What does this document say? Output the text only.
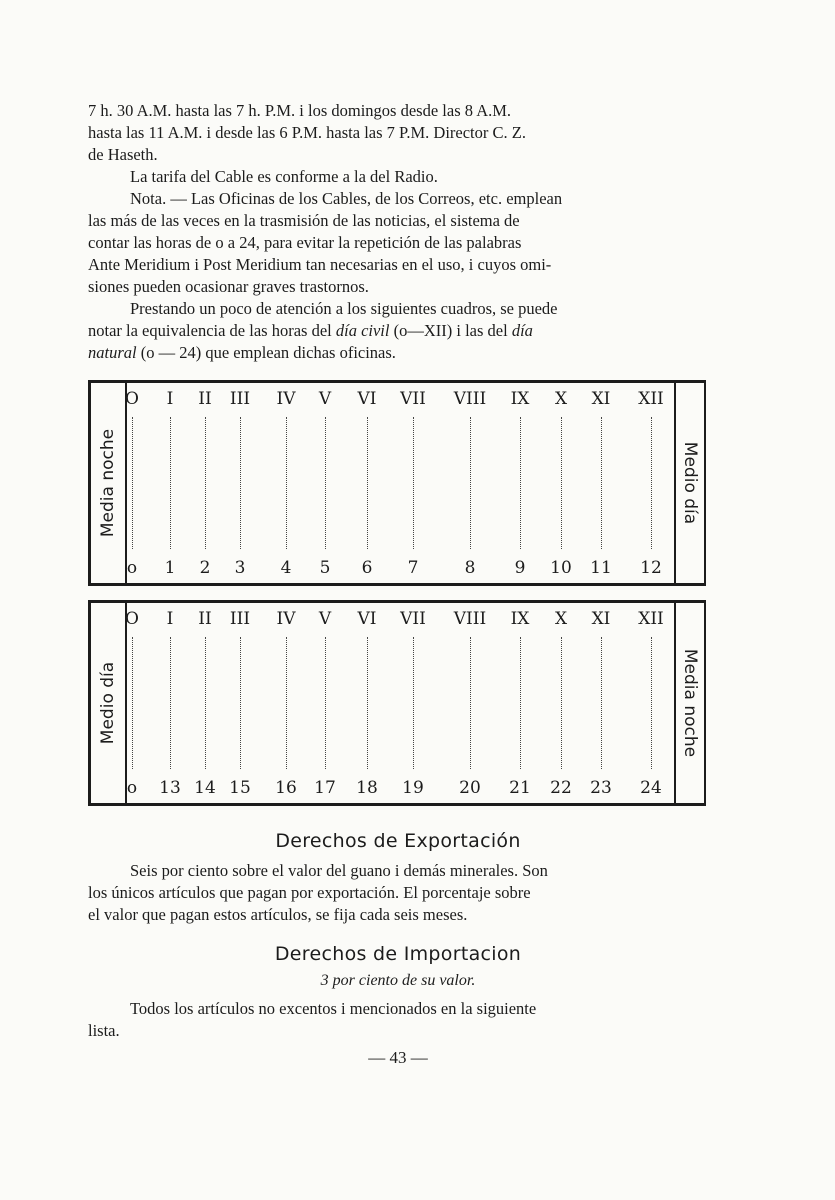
7 h. 30 A.M. hasta las 7 h. P.M. i los domingos desde las 8 A.M.
hasta las 11 A.M. i desde las 6 P.M. hasta las 7 P.M. Director C. Z.
de Haseth.
La tarifa del Cable es conforme a la del Radio.
Nota. — Las Oficinas de los Cables, de los Correos, etc. emplean
las más de las veces en la trasmisión de las noticias, el sistema de
contar las horas de o a 24, para evitar la repetición de las palabras
Ante Meridium i Post Meridium tan necesarias en el uso, i cuyos omi-
siones pueden ocasionar graves trastornos.
Prestando un poco de atención a los siguientes cuadros, se puede
notar la equivalencia de las horas del día civil (o—XII) i las del día
natural (o — 24) que emplean dichas oficinas.
Media noche	Medio día
O
o
I
1
II
2
III
3
IV
4
V
5
VI
6
VII
7
VIII
8
IX
9
X
10
XI
11
XII
12
Medio día	Media noche
O
o
I
13
II
14
III
15
IV
16
V
17
VI
18
VII
19
VIII
20
IX
21
X
22
XI
23
XII
24
Derechos de Exportación
Seis por ciento sobre el valor del guano i demás minerales. Son
los únicos artículos que pagan por exportación. El porcentaje sobre
el valor que pagan estos artículos, se fija cada seis meses.
Derechos de Importacion
3 por ciento de su valor.
Todos los artículos no excentos i mencionados en la siguiente
lista.
— 43 —
